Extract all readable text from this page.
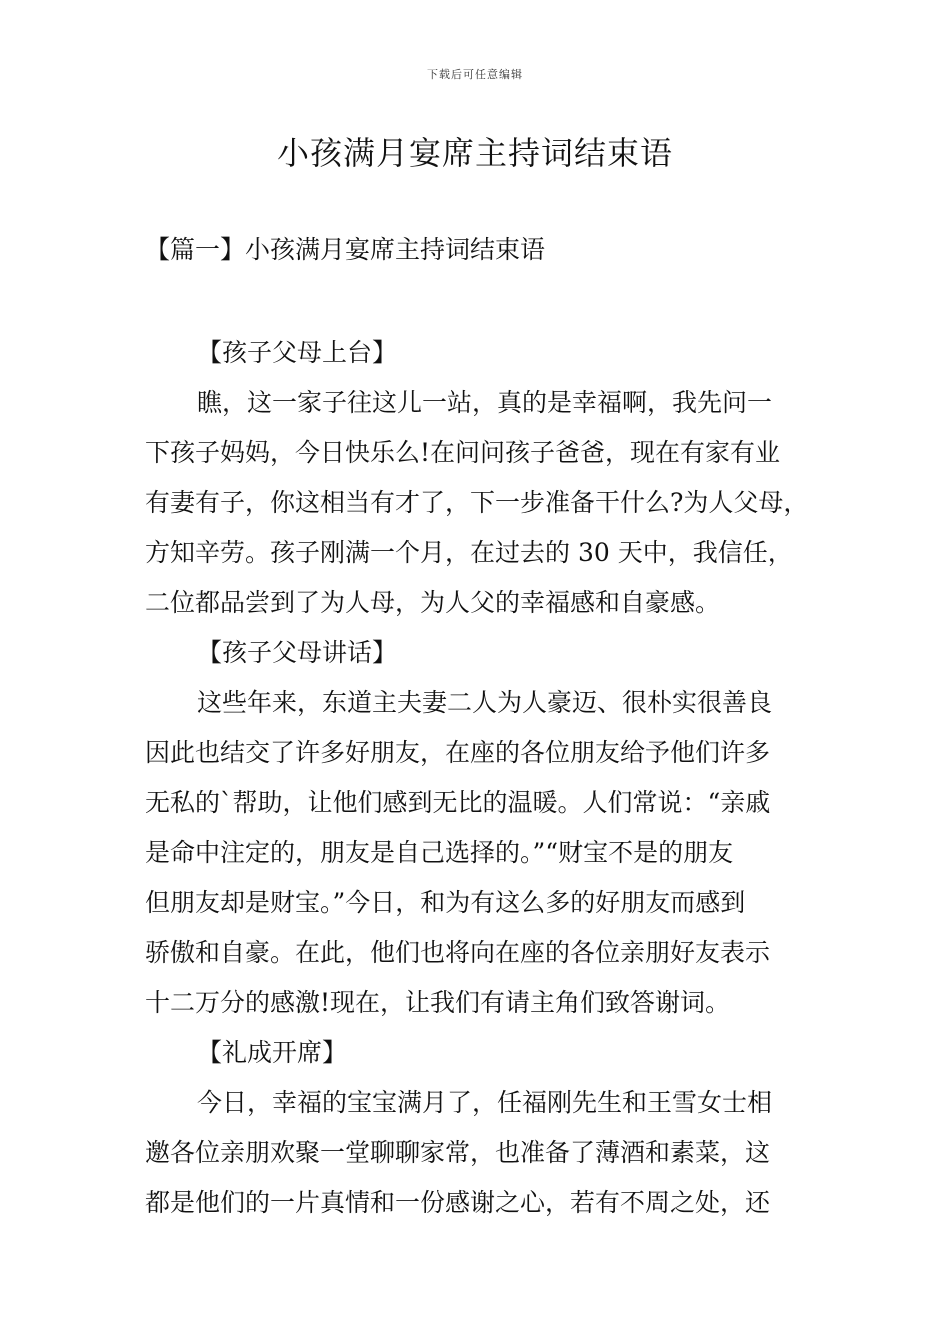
下载后可任意编辑
小孩满月宴席主持词结束语
【篇一】小孩满月宴席主持词结束语
【孩子父母上台】
瞧，这一家子往这儿一站，真的是幸福啊，我先问一
下孩子妈妈，今日快乐么!在问问孩子爸爸，现在有家有业
有妻有子，你这相当有才了，下一步准备干什么?为人父母，
方知辛劳。孩子刚满一个月，在过去的 30 天中，我信任，
二位都品尝到了为人母，为人父的幸福感和自豪感。
【孩子父母讲话】
这些年来，东道主夫妻二人为人豪迈、很朴实很善良
因此也结交了许多好朋友，在座的各位朋友给予他们许多
无私的`帮助，让他们感到无比的温暖。人们常说：“亲戚
是命中注定的，朋友是自己选择的。”“财宝不是的朋友
但朋友却是财宝。”今日，和为有这么多的好朋友而感到
骄傲和自豪。在此，他们也将向在座的各位亲朋好友表示
十二万分的感激!现在，让我们有请主角们致答谢词。
【礼成开席】
今日，幸福的宝宝满月了，任福刚先生和王雪女士相
邀各位亲朋欢聚一堂聊聊家常，也准备了薄酒和素菜，这
都是他们的一片真情和一份感谢之心，若有不周之处，还
